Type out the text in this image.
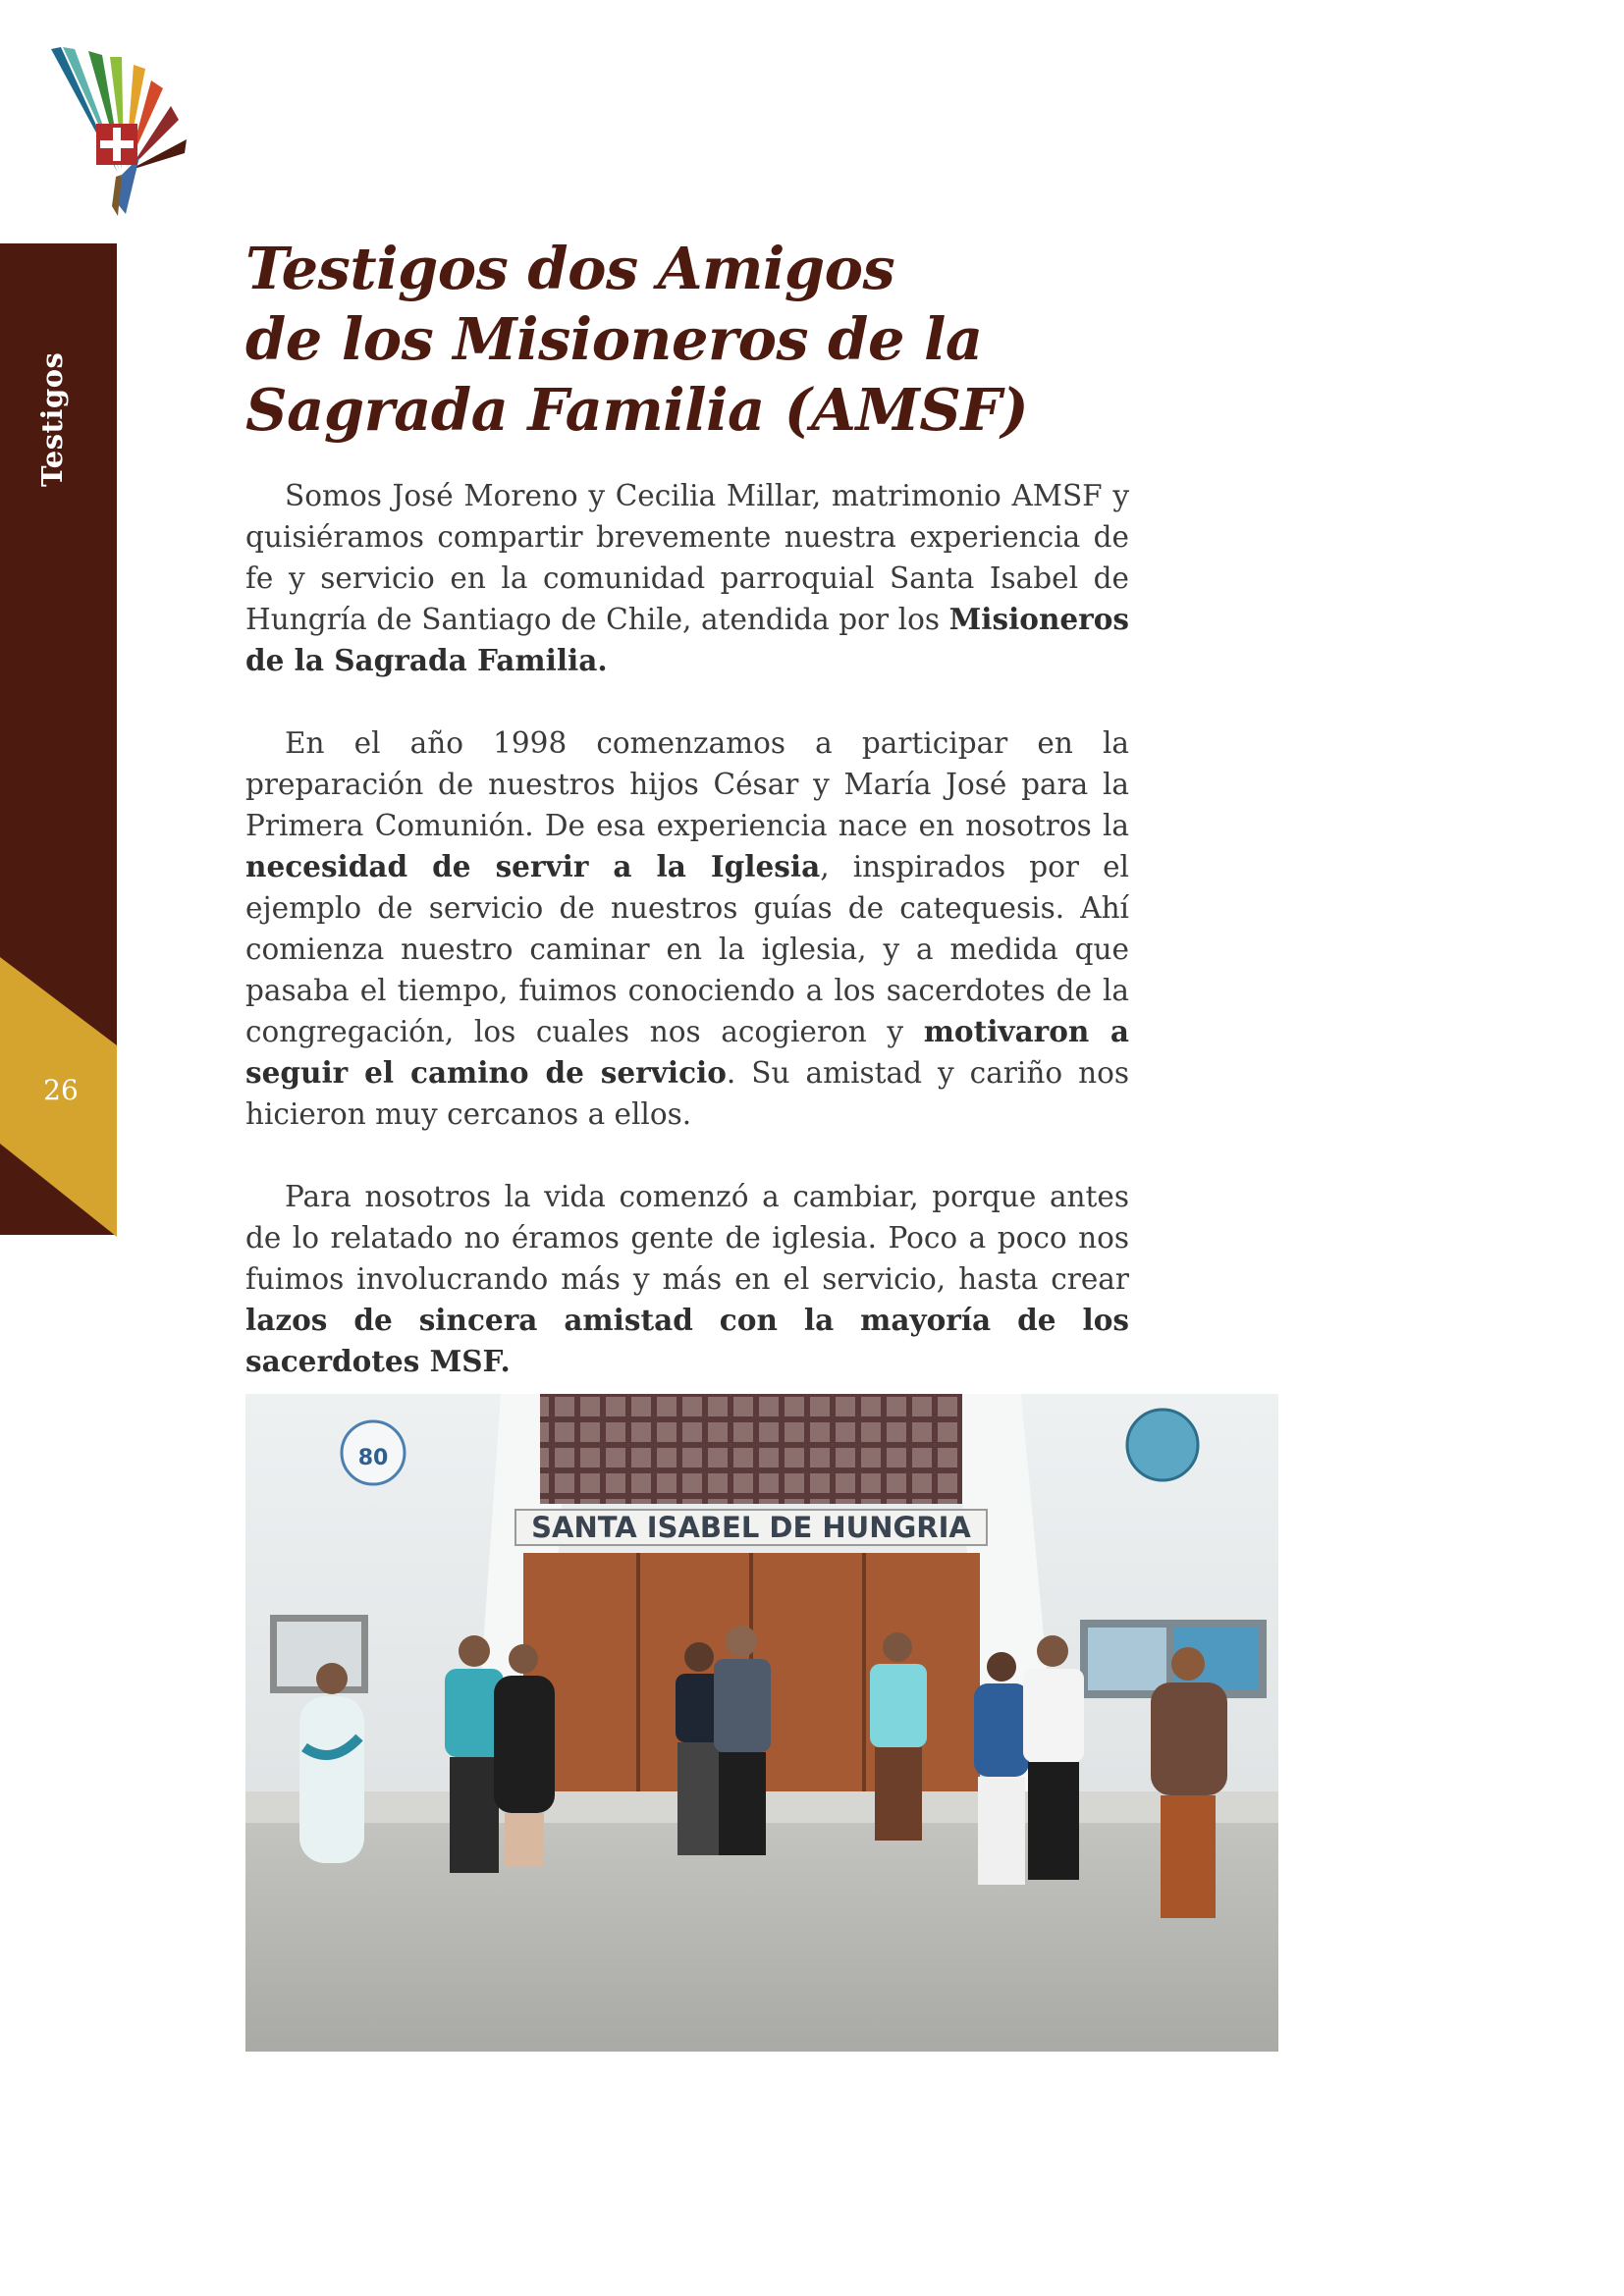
Testigos
26
Testigos dos Amigos
de los Misioneros de la
Sagrada Familia (AMSF)

Somos José Moreno y Cecilia Millar, matrimonio AMSF y quisiéramos compartir brevemente nuestra experiencia de fe y servicio en la comunidad parroquial Santa Isabel de Hungría de Santiago de Chile, atendida por los Misioneros de la Sagrada Familia.

En el año 1998 comenzamos a participar en la preparación de nuestros hijos César y María José para la Primera Comunión. De esa experiencia nace en nosotros la necesidad de servir a la Iglesia, inspirados por el ejemplo de servicio de nuestros guías de catequesis. Ahí comienza nuestro caminar en la iglesia, y a medida que pasaba el tiempo, fuimos conociendo a los sacerdotes de la congregación, los cuales nos acogieron y motivaron a seguir el camino de servicio. Su amistad y cariño nos hicieron muy cercanos a ellos.

Para nosotros la vida comenzó a cambiar, porque antes de lo relatado no éramos gente de iglesia. Poco a poco nos fuimos involucrando más y más en el servicio, hasta crear lazos de sincera amistad con la mayoría de los sacerdotes MSF.

SANTA ISABEL DE HUNGRIA
80
